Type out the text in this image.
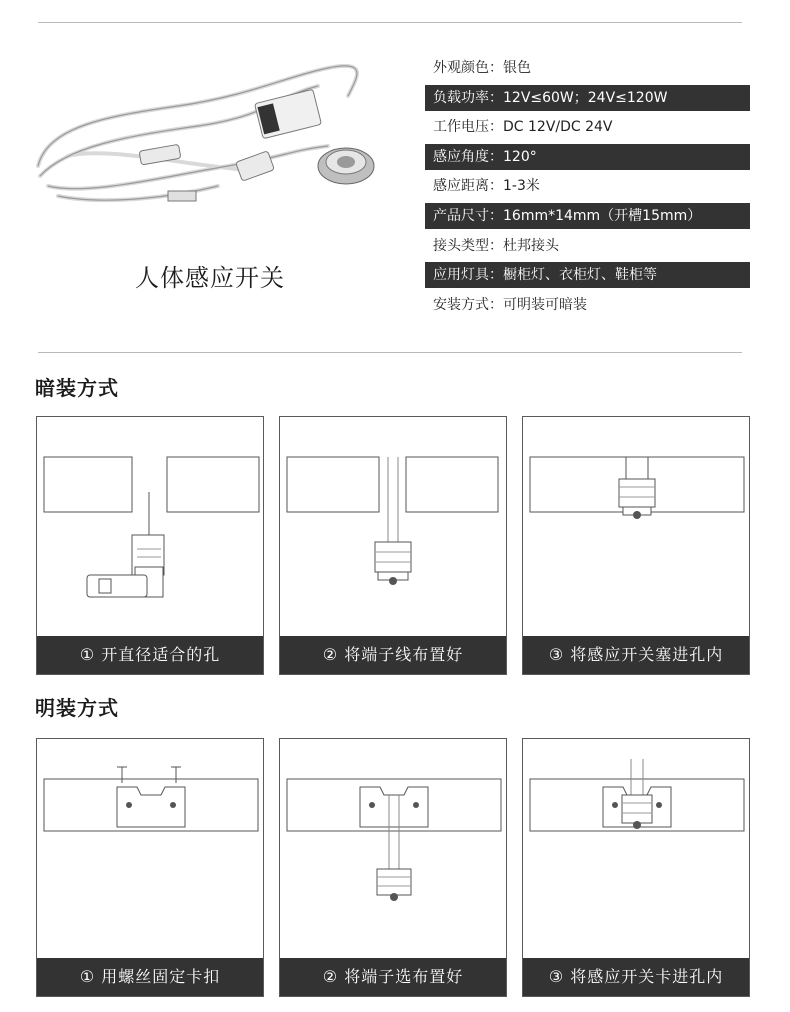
人体感应开关
外观颜色：银色
负载功率：12V≤60W；24V≤120W
工作电压：DC 12V/DC 24V
感应角度：120°
感应距离：1-3米
产品尺寸：16mm*14mm（开槽15mm）
接头类型：杜邦接头
应用灯具：橱柜灯、衣柜灯、鞋柜等
安装方式：可明装可暗装
暗装方式
① 开直径适合的孔	② 将端子线布置好	③ 将感应开关塞进孔内
明装方式
① 用螺丝固定卡扣	② 将端子选布置好	③ 将感应开关卡进孔内
